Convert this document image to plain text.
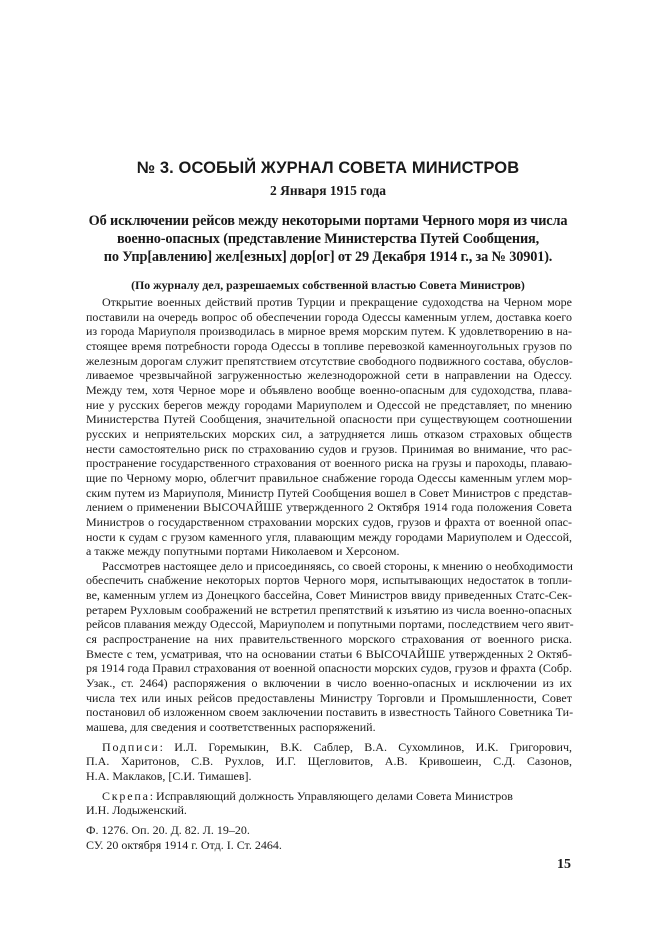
№ 3. ОСОБЫЙ ЖУРНАЛ СОВЕТА МИНИСТРОВ
2 Января 1915 года
Об исключении рейсов между некоторыми портами Черного моря из числа
военно-опасных (представление Министерства Путей Сообщения,
по Упр[авлению] жел[езных] дор[ог] от 29 Декабря 1914 г., за № 30901).
(По журналу дел, разрешаемых собственной властью Совета Министров)

Открытие военных действий против Турции и прекращение судоходства на Черном море
поставили на очередь вопрос об обеспечении города Одессы каменным углем, доставка коего
из города Мариуполя производилась в мирное время морским путем. К удовлетворению в на-
стоящее время потребности города Одессы в топливе перевозкой каменноугольных грузов по
железным дорогам служит препятствием отсутствие свободного подвижного состава, обуслов-
ливаемое чрезвычайной загруженностью железнодорожной сети в направлении на Одессу.
Между тем, хотя Черное море и объявлено вообще военно-опасным для судоходства, плава-
ние у русских берегов между городами Мариуполем и Одессой не представляет, по мнению
Министерства Путей Сообщения, значительной опасности при существующем соотношении
русских и неприятельских морских сил, а затрудняется лишь отказом страховых обществ
нести самостоятельно риск по страхованию судов и грузов. Принимая во внимание, что рас-
пространение государственного страхования от военного риска на грузы и пароходы, плаваю-
щие по Черному морю, облегчит правильное снабжение города Одессы каменным углем мор-
ским путем из Мариуполя, Министр Путей Сообщения вошел в Совет Министров с представ-
лением о применении ВЫСОЧАЙШЕ утвержденного 2 Октября 1914 года положения Совета
Министров о государственном страховании морских судов, грузов и фрахта от военной опас-
ности к судам с грузом каменного угля, плавающим между городами Мариуполем и Одессой,
а также между попутными портами Николаевом и Херсоном.

Рассмотрев настоящее дело и присоединяясь, со своей стороны, к мнению о необходимости
обеспечить снабжение некоторых портов Черного моря, испытывающих недостаток в топли-
ве, каменным углем из Донецкого бассейна, Совет Министров ввиду приведенных Статс-Сек-
ретарем Рухловым соображений не встретил препятствий к изъятию из числа военно-опасных
рейсов плавания между Одессой, Мариуполем и попутными портами, последствием чего явит-
ся распространение на них правительственного морского страхования от военного риска.
Вместе с тем, усматривая, что на основании статьи 6 ВЫСОЧАЙШЕ утвержденных 2 Октяб-
ря 1914 года Правил страхования от военной опасности морских судов, грузов и фрахта (Собр.
Узак., ст. 2464) распоряжения о включении в число военно-опасных и исключении из их
числа тех или иных рейсов предоставлены Министру Торговли и Промышленности, Совет
постановил об изложенном своем заключении поставить в известность Тайного Советника Ти-
машева, для сведения и соответственных распоряжений.

Подписи: И.Л. Горемыкин, В.К. Саблер, В.А. Сухомлинов, И.К. Григорович,
П.А. Харитонов, С.В. Рухлов, И.Г. Щегловитов, А.В. Кривошеин, С.Д. Сазонов,
Н.А. Маклаков, [С.И. Тимашев].

Скрепа: Исправляющий должность Управляющего делами Совета Министров
И.Н. Лодыженский.

Ф. 1276. Оп. 20. Д. 82. Л. 19–20.
СУ. 20 октября 1914 г. Отд. I. Ст. 2464.

15
